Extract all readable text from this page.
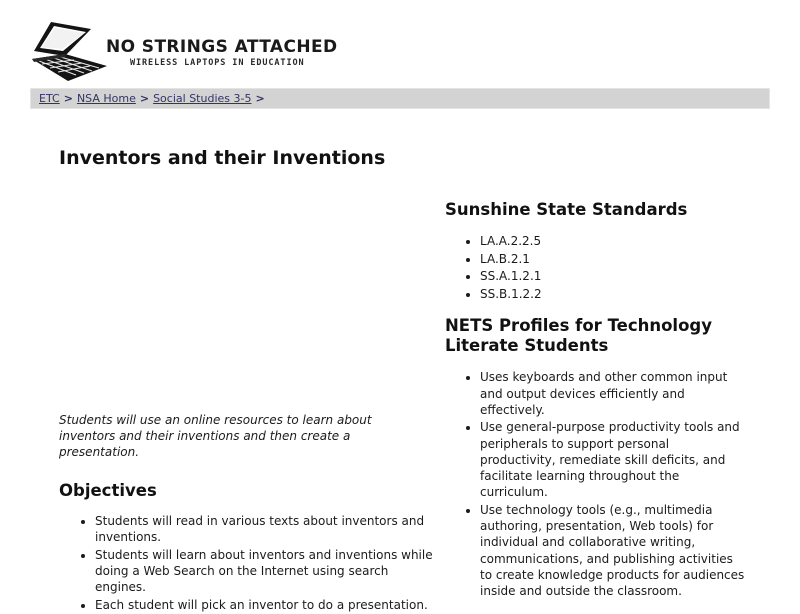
NO STRINGS ATTACHED
WIRELESS LAPTOPS IN EDUCATION
ETC > NSA Home > Social Studies 3-5 >
Inventors and their Inventions

Students will use an online resources to learn about inventors and their inventions and then create a presentation.

Objectives
• Students will read in various texts about inventors and inventions.
• Students will learn about inventors and inventions while doing a Web Search on the Internet using search engines.
• Each student will pick an inventor to do a presentation.
Sunshine State Standards
• LA.A.2.2.5
• LA.B.2.1
• SS.A.1.2.1
• SS.B.1.2.2
NETS Profiles for Technology Literate Students
• Uses keyboards and other common input and output devices efficiently and effectively.
• Use general-purpose productivity tools and peripherals to support personal productivity, remediate skill deficits, and facilitate learning throughout the curriculum.
• Use technology tools (e.g., multimedia authoring, presentation, Web tools) for individual and collaborative writing, communications, and publishing activities to create knowledge products for audiences inside and outside the classroom.
